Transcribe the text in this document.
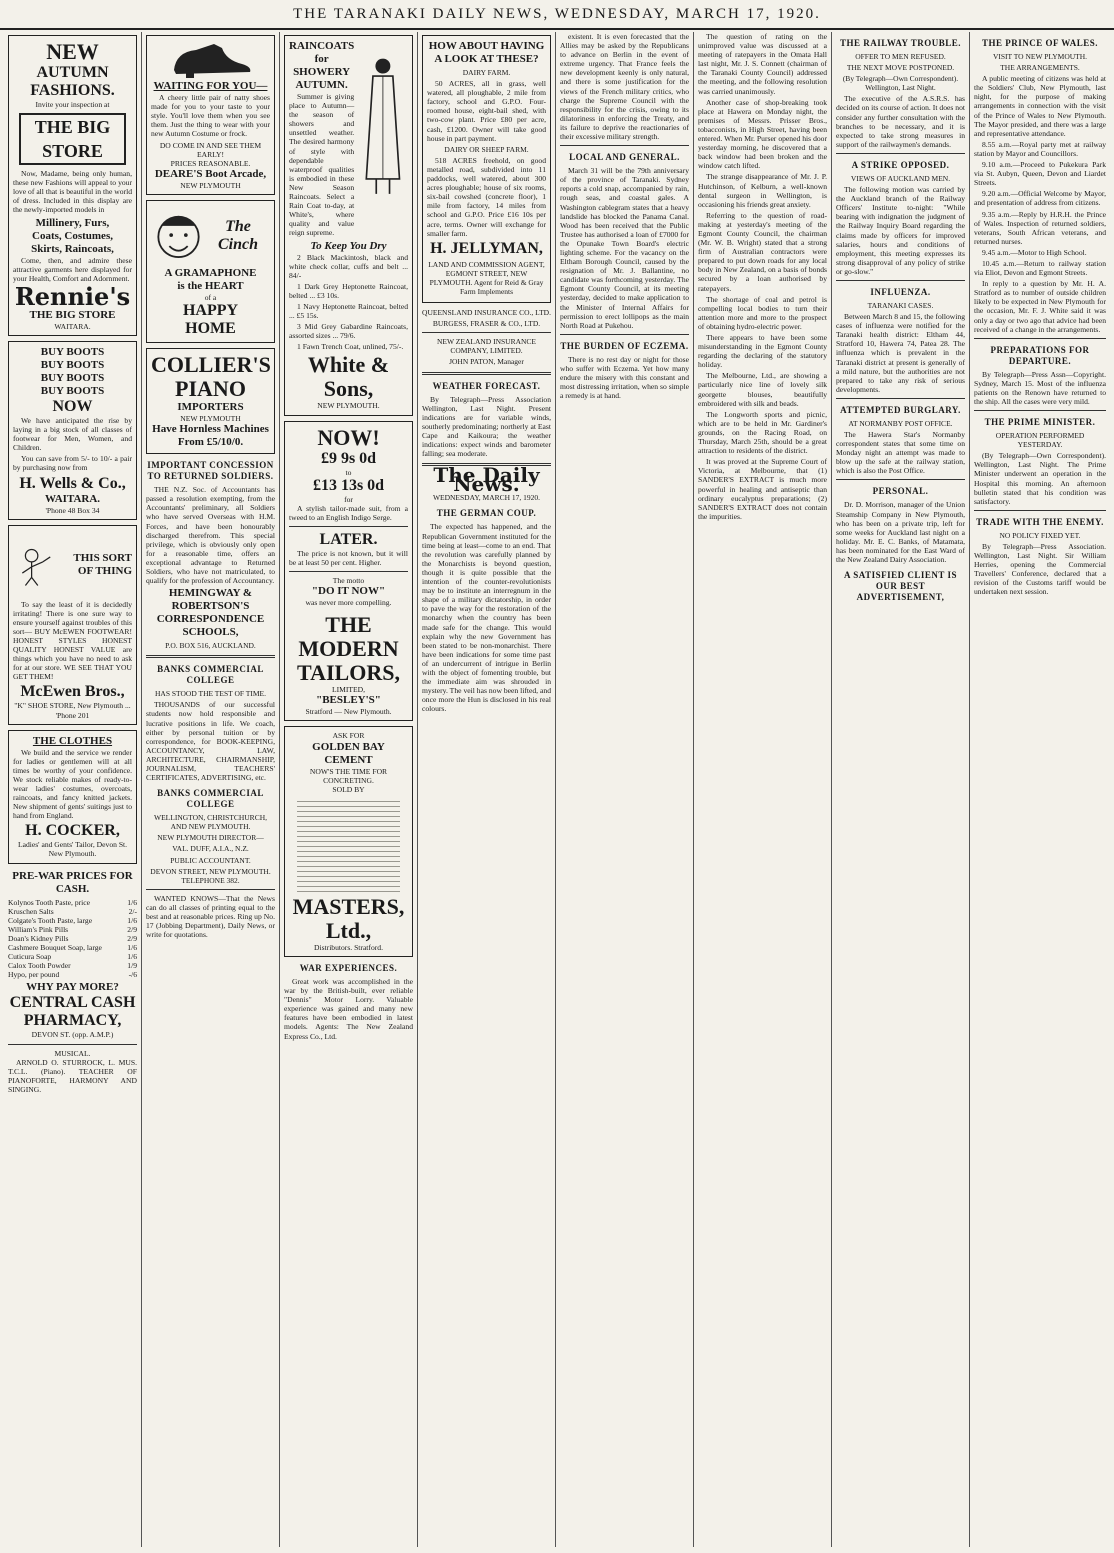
THE TARANAKI DAILY NEWS, WEDNESDAY, MARCH 17, 1920.
NEW
AUTUMN
FASHIONS.
Invite your inspection at
THE BIG STORE
Now, Madame, being only human, these new Fashions will appeal to your love of all that is beautiful in the world of dress. Included in this display are the newly-imported models in
Millinery, Furs,
Coats, Costumes,
Skirts, Raincoats,
Come, then, and admire these attractive garments here displayed for your Health, Comfort and Adornment.
Rennie's
THE BIG STORE
WAITARA.
BUY BOOTS
BUY BOOTS
BUY BOOTS
BUY BOOTS
NOW
We have anticipated the rise by laying in a big stock of all classes of footwear for Men, Women, and Children.
You can save from 5/- to 10/- a pair by purchasing now from
H. Wells & Co.,
WAITARA.
'Phone 48 Box 34
THIS SORT OF THING
To say the least of it is decidedly irritating! There is one sure way to ensure yourself against troubles of this sort— BUY McEWEN FOOTWEAR! HONEST STYLES HONEST QUALITY HONEST VALUE are things which you have no need to ask for at our store. WE SEE THAT YOU GET THEM!
McEwen Bros.,
"K" SHOE STORE, New Plymouth ... 'Phone 201
THE CLOTHES
We build and the service we render for ladies or gentlemen will at all times be worthy of your confidence. We stock reliable makes of ready-to-wear ladies' costumes, overcoats, raincoats, and fancy knitted jackets. New shipment of gents' suitings just to hand from England.
H. COCKER,
Ladies' and Gents' Tailor, Devon St. New Plymouth.
PRE-WAR PRICES FOR CASH.
Kolynos Tooth Paste, price	1/6
Kruschen Salts	2/-
Colgate's Tooth Paste, large	1/6
William's Pink Pills	2/9
Doan's Kidney Pills	2/9
Cashmere Bouquet Soap, large	1/6
Cuticura Soap	1/6
Calox Tooth Powder	1/9
Hypo, per pound	-/6
WHY PAY MORE?
CENTRAL CASH PHARMACY,
DEVON ST. (opp. A.M.P.)
MUSICAL.
ARNOLD O. STURROCK, L. MUS. T.C.L. (Piano). TEACHER OF PIANOFORTE, HARMONY AND SINGING.
WAITING FOR YOU—
A cheery little pair of natty shoes made for you to your taste to your style. You'll love them when you see them. Just the thing to wear with your new Autumn Costume or frock.
DO COME IN AND SEE THEM EARLY!
PRICES REASONABLE.
DEARE'S Boot Arcade,
NEW PLYMOUTH
The Cinch
A GRAMAPHONE
is the HEART
of a
HAPPY
HOME
COLLIER'S
PIANO
IMPORTERS
NEW PLYMOUTH
Have Hornless Machines From £5/10/0.
IMPORTANT CONCESSION TO RETURNED SOLDIERS.
THE N.Z. Soc. of Accountants has passed a resolution exempting, from the Accountants' preliminary, all Soldiers who have served Overseas with H.M. Forces, and have been honourably discharged therefrom. This special privilege, which is obviously only open for a reasonable time, offers an exceptional advantage to Returned Soldiers, who have not matriculated, to qualify for the profession of Accountancy.
HEMINGWAY & ROBERTSON'S CORRESPONDENCE SCHOOLS,
P.O. BOX 516, AUCKLAND.
BANKS COMMERCIAL COLLEGE
HAS STOOD THE TEST OF TIME.
THOUSANDS of our successful students now hold responsible and lucrative positions in life. We coach, either by personal tuition or by correspondence, for BOOK-KEEPING, ACCOUNTANCY, LAW, ARCHITECTURE, CHAIRMANSHIP, JOURNALISM, TEACHERS' CERTIFICATES, ADVERTISING, etc.
BANKS COMMERCIAL COLLEGE
WELLINGTON, CHRISTCHURCH, AND NEW PLYMOUTH.
NEW PLYMOUTH DIRECTOR—
VAL. DUFF, A.I.A., N.Z.
PUBLIC ACCOUNTANT.
DEVON STREET, NEW PLYMOUTH. TELEPHONE 382.
WANTED KNOWS—That the News can do all classes of printing equal to the best and at reasonable prices. Ring up No. 17 (Jobbing Department), Daily News, or write for quotations.
RAINCOATS for SHOWERY AUTUMN.
Summer is giving place to Autumn— the season of showers and unsettled weather. The desired harmony of style with dependable waterproof qualities is embodied in these New Season Raincoats. Select a Rain Coat to-day, at White's, where quality and value reign supreme.
To Keep You Dry
2 Black Mackintosh, black and white check collar, cuffs and belt ... 84/-
1 Dark Grey Heptonette Raincoat, belted ... £3 10s.
1 Navy Heptonette Raincoat, belted ... £5 15s.
3 Mid Grey Gabardine Raincoats, assorted sizes ... 79/6.
1 Fawn Trench Coat, unlined, 75/-.
White & Sons,
NEW PLYMOUTH.
NOW!
£9 9s 0d
to
£13 13s 0d
for
A stylish tailor-made suit, from a tweed to an English Indigo Serge.
LATER.
The price is not known, but it will be at least 50 per cent. Higher.
The motto
"DO IT NOW"
was never more compelling.
THE MODERN TAILORS,
LIMITED,
"BESLEY'S"
Stratford — New Plymouth.
ASK FOR
GOLDEN BAY CEMENT
NOW'S THE TIME FOR CONCRETING.
SOLD BY
MASTERS, Ltd.,
Distributors. Stratford.
WAR EXPERIENCES.
Great work was accomplished in the war by the British-built, ever reliable "Dennis" Motor Lorry. Valuable experience was gained and many new features have been embodied in latest models. Agents: The New Zealand Express Co., Ltd.
HOW ABOUT HAVING A LOOK AT THESE?
DAIRY FARM.
50 ACRES, all in grass, well watered, all ploughable, 2 mile from factory, school and G.P.O. Four-roomed house, eight-bail shed, with two-cow plant. Price £80 per acre, cash, £1200. Owner will take good house in part payment.
DAIRY OR SHEEP FARM.
518 ACRES freehold, on good metalled road, subdivided into 11 paddocks, well watered, about 300 acres ploughable; house of six rooms, six-bail cowshed (concrete floor), 1 mile from factory, 14 miles from school and G.P.O. Price £16 10s per acre, terms. Owner will exchange for smaller farm.
H. JELLYMAN,
LAND AND COMMISSION AGENT, EGMONT STREET, NEW PLYMOUTH. Agent for Reid & Gray Farm Implements
QUEENSLAND INSURANCE CO., LTD.
BURGESS, FRASER & CO., LTD.
NEW ZEALAND INSURANCE COMPANY, LIMITED.
JOHN PATON, Manager
WEATHER FORECAST.
By Telegraph—Press Association Wellington, Last Night. Present indications are for variable winds, southerly predominating; northerly at East Cape and Kaikoura; the weather indications: expect winds and barometer falling; sea moderate.
The Daily News.
WEDNESDAY, MARCH 17, 1920.
THE GERMAN COUP.
The expected has happened, and the Republican Government instituted for the time being at least—come to an end. That the revolution was carefully planned by the Monarchists is beyond question, though it is quite possible that the intention of the counter-revolutionists may be to institute an interregnum in the shape of a military dictatorship, in order to pave the way for the restoration of the monarchy when the country has been made safe for the change. This would explain why the new Government has been stated to be non-monarchist. There have been indications for some time past of an undercurrent of intrigue in Berlin with the object of fomenting trouble, but the immediate aim was shrouded in mystery. The veil has now been lifted, and once more the Hun is disclosed in his real colours.
existent. It is even forecasted that the Allies may be asked by the Republicans to advance on Berlin in the event of extreme urgency. That France feels the new development keenly is only natural, and there is some justification for the views of the French military critics, who charge the Supreme Council with the responsibility for the crisis, owing to its dilatoriness in enforcing the Treaty, and its failure to deprive the reactionaries of their excessive military strength.
LOCAL AND GENERAL.
March 31 will be the 79th anniversary of the province of Taranaki. Sydney reports a cold snap, accompanied by rain, rough seas, and coastal gales. A Washington cablegram states that a heavy landslide has blocked the Panama Canal. Wood has been received that the Public Trustee has authorised a loan of £7000 for the Opunake Town Board's electric lighting scheme. For the vacancy on the Eltham Borough Council, caused by the resignation of Mr. J. Ballantine, no candidate was forthcoming yesterday. The Egmont County Council, at its meeting yesterday, decided to make application to the Minister of Internal Affairs for permission to erect lollipops as the main North Road at Pukehou.
THE BURDEN OF ECZEMA.
There is no rest day or night for those who suffer with Eczema. Yet how many endure the misery with this constant and most distressing irritation, when so simple a remedy is at hand.
The question of rating on the unimproved value was discussed at a meeting of ratepayers in the Omata Hall last night, Mr. J. S. Connett (chairman of the Taranaki County Council) addressed the meeting, and the following resolution was carried unanimously.
Another case of shop-breaking took place at Hawera on Monday night, the premises of Messrs. Prisser Bros., tobacconists, in High Street, having been entered. When Mr. Purser opened his door yesterday morning, he discovered that a back window had been broken and the window catch lifted.
The strange disappearance of Mr. J. P. Hutchinson, of Kelburn, a well-known dental surgeon in Wellington, is occasioning his friends great anxiety.
Referring to the question of road-making at yesterday's meeting of the Egmont County Council, the chairman (Mr. W. B. Wright) stated that a strong firm of Australian contractors were prepared to put down roads for any local body in New Zealand, on a basis of bonds secured by a loan authorised by ratepayers.
The shortage of coal and petrol is compelling local bodies to turn their attention more and more to the prospect of obtaining hydro-electric power.
There appears to have been some misunderstanding in the Egmont County regarding the declaring of the statutory holiday.
The Melbourne, Ltd., are showing a particularly nice line of lovely silk georgette blouses, beautifully embroidered with silk and beads.
The Longworth sports and picnic, which are to be held in Mr. Gardiner's grounds, on the Racing Road, on Thursday, March 25th, should be a great attraction to residents of the district.
It was proved at the Supreme Court of Victoria, at Melbourne, that (1) SANDER'S EXTRACT is much more powerful in healing and antiseptic than ordinary eucalyptus preparations; (2) SANDER'S EXTRACT does not contain the impurities.
THE RAILWAY TROUBLE.
OFFER TO MEN REFUSED.
THE NEXT MOVE POSTPONED.
(By Telegraph—Own Correspondent). Wellington, Last Night.
The executive of the A.S.R.S. has decided on its course of action. It does not consider any further consultation with the branches to be necessary, and it is expected to take strong measures in support of the railwaymen's demands.
A STRIKE OPPOSED.
VIEWS OF AUCKLAND MEN.
The following motion was carried by the Auckland branch of the Railway Officers' Institute to-night: "While bearing with indignation the judgment of the Railway Inquiry Board regarding the claims made by officers for improved salaries, hours and conditions of employment, this meeting expresses its strong disapproval of any policy of strike or go-slow."
INFLUENZA.
TARANAKI CASES.
Between March 8 and 15, the following cases of influenza were notified for the Taranaki health district: Eltham 44, Stratford 10, Hawera 74, Patea 28. The influenza which is prevalent in the Taranaki district at present is generally of a mild nature, but the authorities are not prepared to take any risk of serious developments.
ATTEMPTED BURGLARY.
AT NORMANBY POST OFFICE.
The Hawera Star's Normanby correspondent states that some time on Monday night an attempt was made to blow up the safe at the railway station, which is also the Post Office.
PERSONAL.
Dr. D. Morrison, manager of the Union Steamship Company in New Plymouth, who has been on a private trip, left for some weeks for Auckland last night on a holiday. Mr. E. C. Banks, of Matamata, has been nominated for the East Ward of the New Zealand Dairy Association.
A SATISFIED CLIENT IS OUR BEST ADVERTISEMENT,
THE PRINCE OF WALES.
VISIT TO NEW PLYMOUTH.
THE ARRANGEMENTS.
A public meeting of citizens was held at the Soldiers' Club, New Plymouth, last night, for the purpose of making arrangements in connection with the visit of the Prince of Wales to New Plymouth. The Mayor presided, and there was a large and representative attendance.
8.55 a.m.—Royal party met at railway station by Mayor and Councillors.
9.10 a.m.—Proceed to Pukekura Park via St. Aubyn, Queen, Devon and Liardet Streets.
9.20 a.m.—Official Welcome by Mayor, and presentation of address from citizens.
9.35 a.m.—Reply by H.R.H. the Prince of Wales. Inspection of returned soldiers, veterans, South African veterans, and returned nurses.
9.45 a.m.—Motor to High School.
10.45 a.m.—Return to railway station via Eliot, Devon and Egmont Streets.
In reply to a question by Mr. H. A. Stratford as to number of outside children likely to be expected in New Plymouth for the occasion, Mr. F. J. White said it was only a day or two ago that advice had been received of a change in the arrangements.
PREPARATIONS FOR DEPARTURE.
By Telegraph—Press Assn—Copyright. Sydney, March 15. Most of the influenza patients on the Renown have returned to the ship. All the cases were very mild.
THE PRIME MINISTER.
OPERATION PERFORMED YESTERDAY.
(By Telegraph—Own Correspondent). Wellington, Last Night. The Prime Minister underwent an operation in the Hospital this morning. An afternoon bulletin stated that his condition was satisfactory.
TRADE WITH THE ENEMY.
NO POLICY FIXED YET.
By Telegraph—Press Association. Wellington, Last Night. Sir William Herries, opening the Commercial Travellers' Conference, declared that a revision of the Customs tariff would be undertaken next session.
